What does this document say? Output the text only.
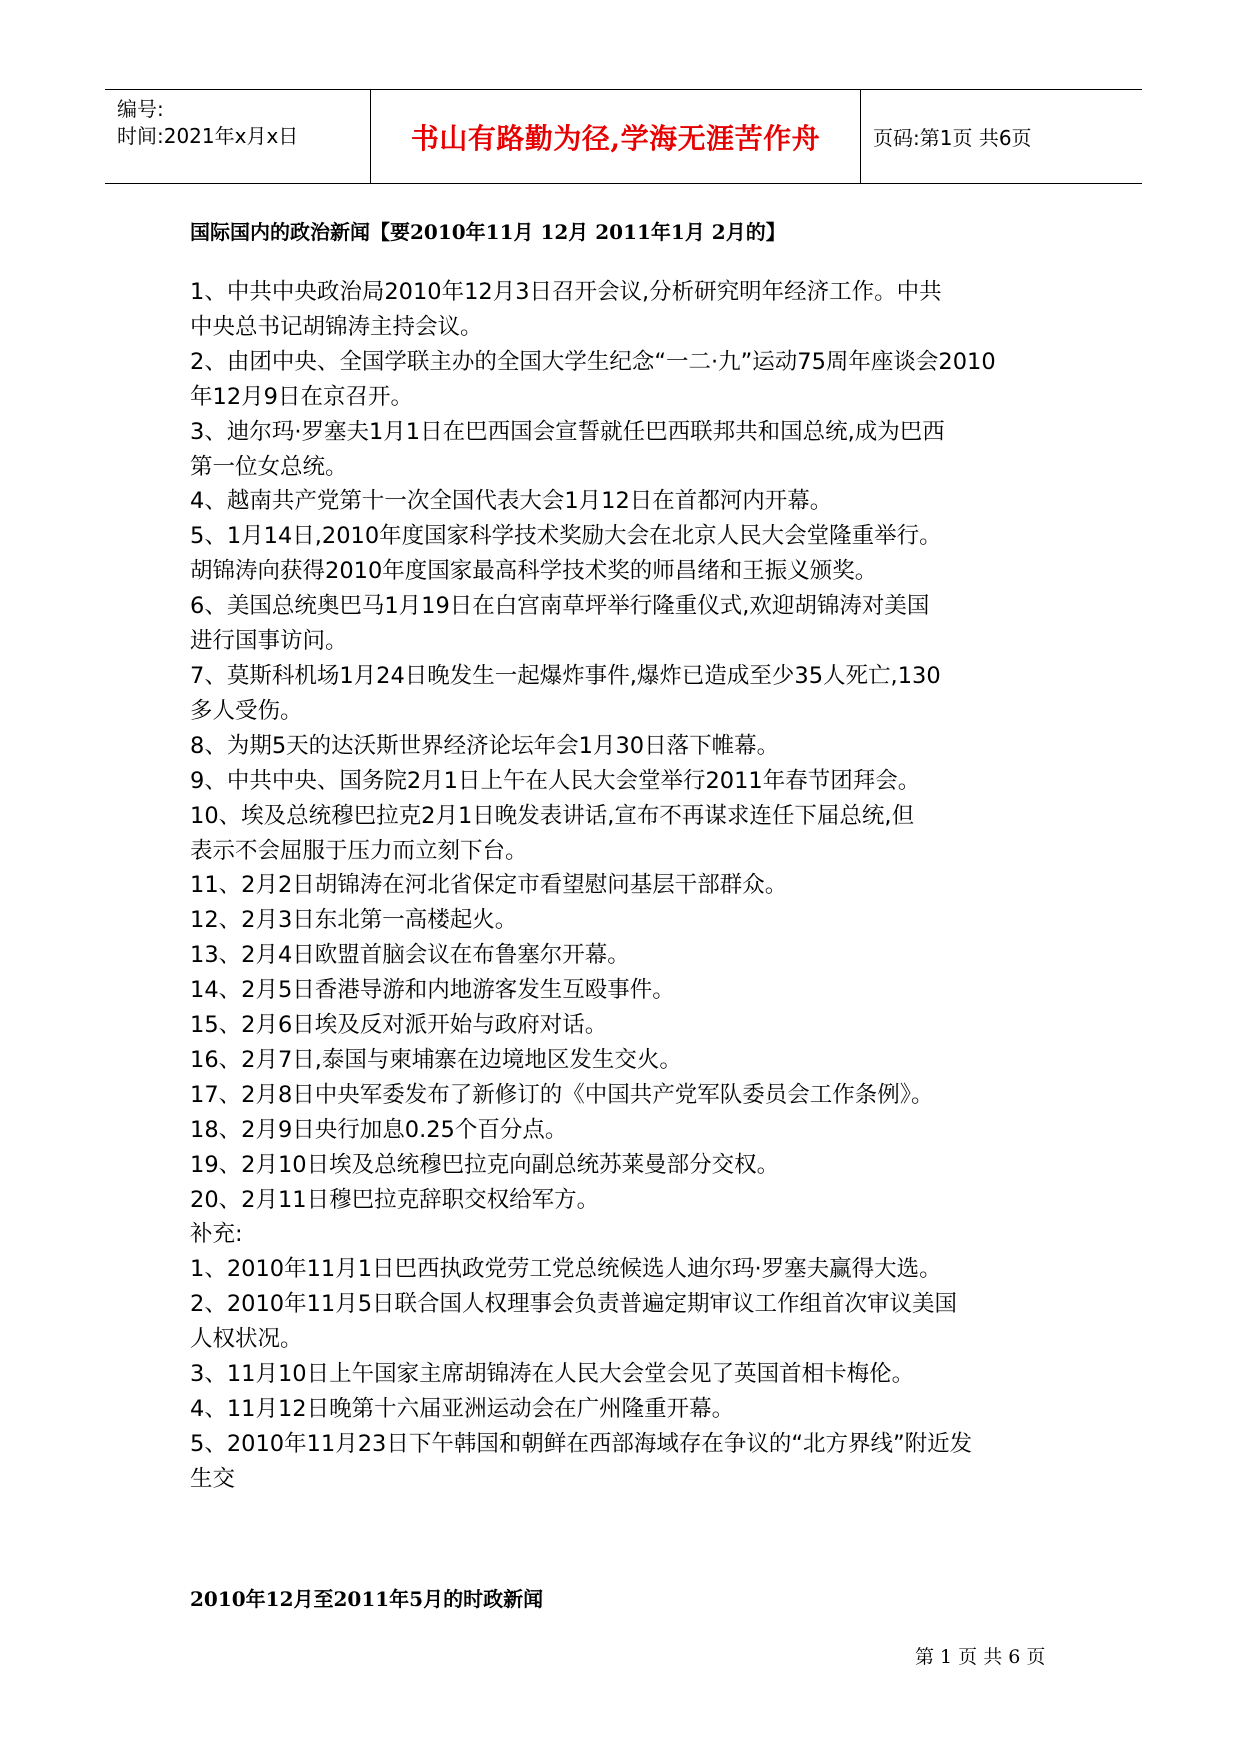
编号:
时间:2021年x月x日	书山有路勤为径,学海无涯苦作舟	页码:第1页 共6页
国际国内的政治新闻【要2010年11月 12月 2011年1月 2月的】

1、中共中央政治局2010年12月3日召开会议,分析研究明年经济工作。中共

中央总书记胡锦涛主持会议。

2、由团中央、全国学联主办的全国大学生纪念“一二·九”运动75周年座谈会2010

年12月9日在京召开。

3、迪尔玛·罗塞夫1月1日在巴西国会宣誓就任巴西联邦共和国总统,成为巴西

第一位女总统。

4、越南共产党第十一次全国代表大会1月12日在首都河内开幕。

5、1月14日,2010年度国家科学技术奖励大会在北京人民大会堂隆重举行。

胡锦涛向获得2010年度国家最高科学技术奖的师昌绪和王振义颁奖。

6、美国总统奥巴马1月19日在白宫南草坪举行隆重仪式,欢迎胡锦涛对美国

进行国事访问。

7、莫斯科机场1月24日晚发生一起爆炸事件,爆炸已造成至少35人死亡,130

多人受伤。

8、为期5天的达沃斯世界经济论坛年会1月30日落下帷幕。

9、中共中央、国务院2月1日上午在人民大会堂举行2011年春节团拜会。

10、埃及总统穆巴拉克2月1日晚发表讲话,宣布不再谋求连任下届总统,但

表示不会屈服于压力而立刻下台。

11、2月2日胡锦涛在河北省保定市看望慰问基层干部群众。

12、2月3日东北第一高楼起火。

13、2月4日欧盟首脑会议在布鲁塞尔开幕。

14、2月5日香港导游和内地游客发生互殴事件。

15、2月6日埃及反对派开始与政府对话。

16、2月7日,泰国与柬埔寨在边境地区发生交火。

17、2月8日中央军委发布了新修订的《中国共产党军队委员会工作条例》。

18、2月9日央行加息0.25个百分点。

19、2月10日埃及总统穆巴拉克向副总统苏莱曼部分交权。

20、2月11日穆巴拉克辞职交权给军方。

补充:

1、2010年11月1日巴西执政党劳工党总统候选人迪尔玛·罗塞夫赢得大选。

2、2010年11月5日联合国人权理事会负责普遍定期审议工作组首次审议美国

人权状况。

3、11月10日上午国家主席胡锦涛在人民大会堂会见了英国首相卡梅伦。

4、11月12日晚第十六届亚洲运动会在广州隆重开幕。

5、2010年11月23日下午韩国和朝鲜在西部海域存在争议的“北方界线”附近发

生交

2010年12月至2011年5月的时政新闻
第 1 页 共 6 页
